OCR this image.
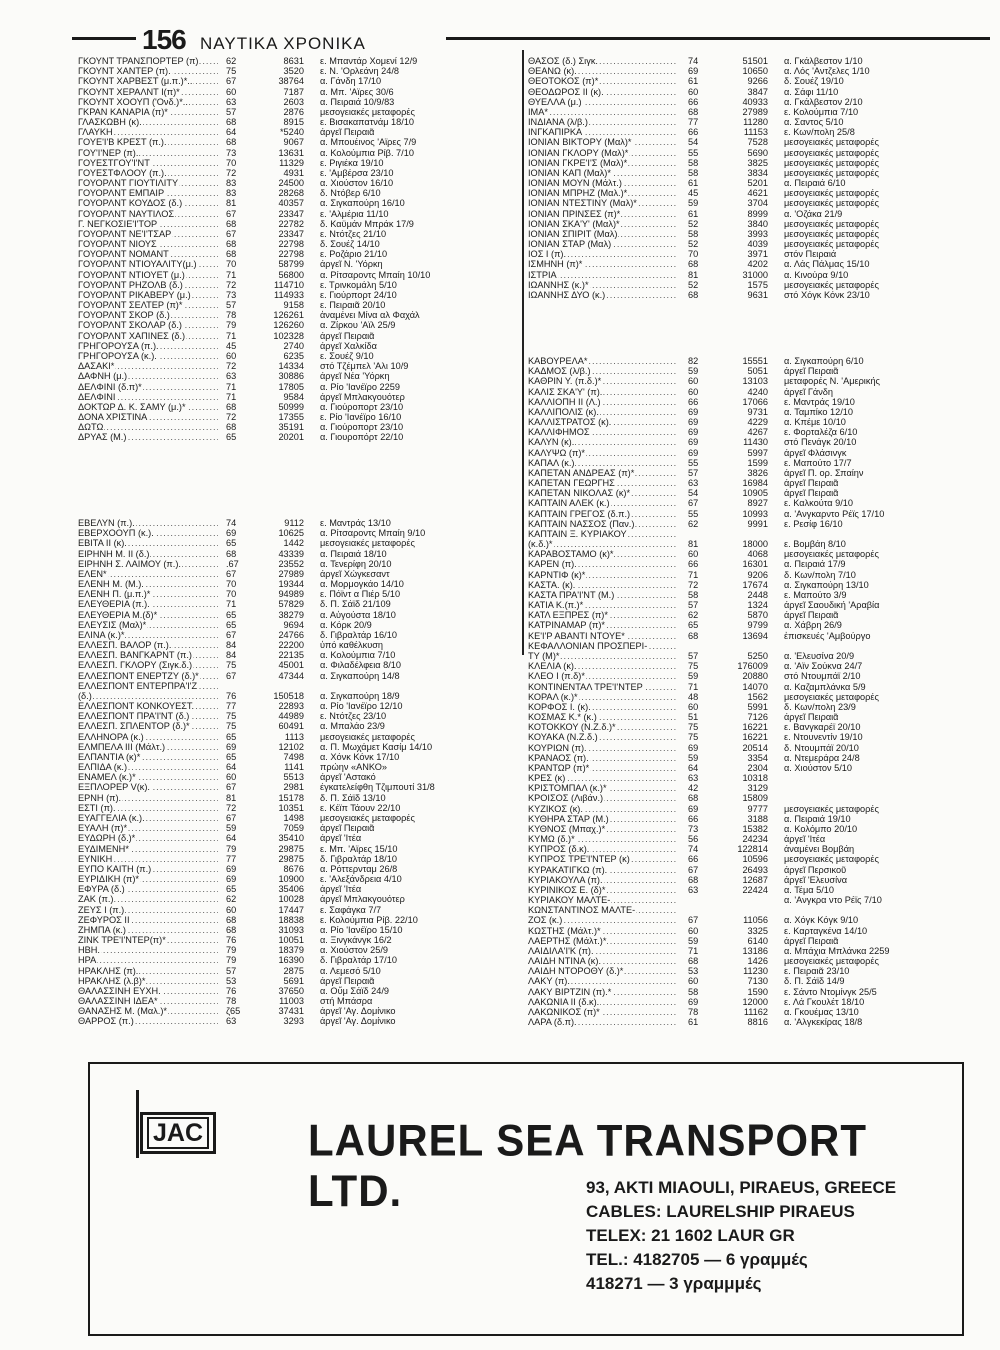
156 ΝΑΥΤΙΚΑ ΧΡΟΝΙΚΑ
ΓΚΟΥΝΤ ΤΡΑΝΣΠΟΡΤΕΡ (π) .....	62	8631	ε. Μπαντάρ Χομενί 12/9
ΓΚΟΥΝΤ ΧΑΝΤΕΡ (π). .....	75	3520	ε. Ν. 'Ορλεάνη 24/8
ΓΚΟΥΝΤ ΧΑΡΒΕΣΤ (μ.π.)*.. .....	67	38764	α. Γάνδη 17/10
ΓΚΟΥΝΤ ΧΕΡΑΛΝΤ Ι(π)* .....	60	7187	α. Μπ. 'Αϊρες 30/6
ΓΚΟΥΝΤ ΧΟΟΥΠ ('Ονδ.)*.. .....	63	2603	α. Πειραιά 10/9/83
ΓΚΡΑΝ ΚΑΝΑΡΙΑ (π)* .....	57	2876	μεσογειακές μεταφορές
ΓΛΑΣΚΩΒΗ (κ). .....	68	8915	ε. Βισακαπατνάμ 18/10
ΓΛΑΥΚΗ .....	64	*5240	άργεῖ Πειραιᾶ
ΓΟΥΕ'Ι'Β ΚΡΕΣΤ (π.). .....	68	9067	α. Μπουέινος 'Αϊρες 7/9
ΓΟΥ'Ι'ΝΕΡ (π). .....	73	13631	α. Κολούμπια Ρίβ. 7/10
ΓΟΥΕΣΤΓΟΥ'Ι'ΝΤ .....	70	11329	ε. Ριγιέκα 19/10
ΓΟΥΕΣΤΦΛΟΟΥ (π.). .....	72	4931	ε. 'Αμβέρσα 23/10
ΓΟΥΟΡΛΝΤ ΓΙΟΥΤΙΛΙΤΥ .....	83	24500	α. Χιούστον 16/10
ΓΟΥΟΡΛΝΤ ΕΜΠΑΙΡ .....	83	28268	δ. Ντόβερ 6/10
ΓΟΥΟΡΛΝΤ ΚΟΥΔΟΣ (δ.) .....	81	40357	α. Σιγκαπούρη 16/10
ΓΟΥΟΡΛΝΤ ΝΑΥΤΙΛΟΣ .....	67	23347	ε. 'Αλμέρια 11/10
Γ. ΝΕΓΚΟΣΙΕ'Ι'ΤΟΡ .....	68	22782	δ. Καϋμάν Μπράκ 17/9
ΓΟΥΟΡΛΝΤ ΝΕ'Ι'ΤΣΑΡ .....	67	23347	ε. Ντότζες 21/10
ΓΟΥΟΡΛΝΤ ΝΙΟΥΣ .....	68	22798	δ. Σουέζ 14/10
ΓΟΥΟΡΛΝΤ ΝΟΜΑΝΤ .....	68	22798	ε. Ροζάριο 21/10
ΓΟΥΟΡΛΝΤ ΝΤΙΟΥΑΛΙΤΥ(μ.) .....	70	58799	άργεῖ Ν. 'Υόρκη
ΓΟΥΟΡΛΝΤ ΝΤΙΟΥΕΤ (μ.) .....	71	56800	α. Ρίτσαροντς Μπαίη 10/10
ΓΟΥΟΡΛΝΤ ΡΗΖΟΛΒ (δ.) .....	72	114710	ε. Τρινκομάλη 5/10
ΓΟΥΟΡΛΝΤ ΡΙΚΑΒΕΡΥ (μ.) .....	73	114933	ε. Γιούρπορτ 24/10
ΓΟΥΟΡΛΝΤ ΣΕΛΤΕΡ (π)* .....	57	9158	ε. Πειραιᾶ 20/10
ΓΟΥΟΡΛΝΤ ΣΚΟΡ (δ.) .....	78	126261	ἀναμένει Μίνα αλ Φαχάλ
ΓΟΥΟΡΛΝΤ ΣΚΟΛΑΡ (δ.) .....	79	126260	α. Ζίρκου 'Αϊλ 25/9
ΓΟΥΟΡΛΝΤ ΧΑΠΙΝΕΣ (δ.) .....	71	102328	άργεῖ Πειραιᾶ
ΓΡΗΓΟΡΟΥΣΑ (π.). .....	45	2740	άργεῖ Χαλκίδα
ΓΡΗΓΟΡΟΥΣΑ (κ.). .....	60	6235	ε. Σουέζ 9/10
ΔΑΣΑΚΙ* .....	72	14334	στό Τζέμπελ 'Αλι 10/9
ΔΑΦΝΗ (μ.) .....	63	30886	άργεῖ Νέα 'Υόρκη
ΔΕΛΦΙΝΙ (δ.π)* .....	71	17805	α. Ρίο 'Ιανέϊρο 2259
ΔΕΛΦΙΝΙ .....	71	9584	άργεῖ Μπλακγουότερ
ΔΟΚΤΩΡ Δ. Κ. ΣΑΜΥ (μ.)* .....	68	50999	α. Γιούροπορτ 23/10
ΔΟΝΑ ΧΡΙΣΤΙΝΑ .....	72	17355	ε. Ρίο 'Ιανέϊρο 16/10
ΔΩΤΩ .....	68	35191	α. Γιούροπορτ 23/10
ΔΡΥΑΣ (Μ.) .....	65	20201	α. Γιουροπόρτ 22/10
ΕΒΕΛΥΝ (π.). .....	74	9112	ε. Μαντράς 13/10
ΕΒΕΡΧΟΟΥΠ (κ.). .....	69	10625	α. Ρίτσαροντς Μπαίη 9/10
ΕΒΙΤΑ ΙΙ (κ). .....	65	1442	μεσογειακές μεταφορές
ΕΙΡΗΝΗ Μ. ΙΙ (δ.) .....	68	43339	α. Πειραιά 18/10
ΕΙΡΗΝΗ Σ. ΛΑΙΜΟΥ (π.). .....	.67	23552	α. Τενερίφη 20/10
ΕΛΕΝ* .....	67	27989	άργεῖ Χώγκεσαντ
ΕΛΕΝΗ Μ. (Μ.). .....	70	19344	α. Μορμογκάο 14/10
ΕΛΕΝΗ Π. (μ.π.)* .....	70	94989	ε. Πόϊντ α Πιέρ 5/10
ΕΛΕΥΘΕΡΙΑ (π.). .....	71	57829	δ. Π. Σάϊδ 21/109
ΕΛΕΥΘΕΡΙΑ Μ.(δ)* .....	65	38279	α. Αὐγούστα 18/10
ΕΛΕΥΣΙΣ (Μαλ)* .....	65	9694	α. Κόρκ 20/9
ΕΛΙΝΑ (κ.)* .....	67	24766	δ. Γιβραλτάρ 16/10
ΕΛΛΕΣΠ. ΒΑΛΟΡ (π.). .....	84	22200	ὑπό καθέλκυση
ΕΛΛΕΣΠ. ΒΑΝΓΚΑΡΝΤ (π.) .....	84	22135	α. Κολούμπια 7/10
ΕΛΛΕΣΠ. ΓΚΛΟΡΥ (Σιγκ.δ.) .....	75	45001	α. Φιλαδέλφεια 8/10
ΕΛΛΕΣΠΟΝΤ ΕΝΕΡΤΖΥ (δ.)* .....	67	47344	α. Σιγκαπούρη 14/8
ΕΛΛΕΣΠΟΝΤ ΕΝΤΕΡΠΡΑ'Ι'Ζ .....
(δ.) .....	76	150518	α. Σιγκαπούρη 18/9
ΕΛΛΕΣΠΟΝΤ ΚΟΝΚΟΥΕΣΤ. .....	77	22893	α. Ρίο 'Ιανέϊρο 12/10
ΕΛΛΕΣΠΟΝΤ ΠΡΑ'Ι'ΝΤ (δ.) .....	75	44989	ε. Ντότζες 23/10
ΕΛΛΕΣΠ. ΣΠΛΕΝΤΟΡ (δ.)* .....	75	60491	α. Μπαλάο 23/9
ΕΛΛΗΝΟΡΑ (κ.) .....	65	1113	μεσογειακές μεταφορές
ΕΛΜΠΕΛΑ ΙΙΙ (Μάλτ.) .....	69	12102	α. Π. Μωχάμετ Κασίμ 14/10
ΕΛΠΑΝΤΙΑ (κ)* .....	65	7498	α. Χόνκ Κόνκ 17/10
ΕΛΠΙΔΑ (κ.) .....	64	1141	πρώην «ΑΝΚΟ»
ΕΝΑΜΕΛ (κ.)* .....	60	5513	άργεῖ 'Αστακό
ΕΞΠΛΟΡΕΡ V(κ). .....	67	2981	έγκατελείφθη Τζιμπουτί 31/8
ΕΡΝΗ (π). .....	81	15178	δ. Π. Σάϊδ 13/10
ΕΣΤΙ (π). .....	72	10351	ε. Κέϊπ Τάουν 22/10
ΕΥΑΓΓΕΛΙΑ (κ.). .....	67	1498	μεσογειακές μεταφορές
ΕΥΑΛΗ (π)* .....	59	7059	άργεῖ Πειραιᾶ
ΕΥΔΩΡΗ (δ.)* .....	64	35410	άργεῖ 'Ιτέα
ΕΥΔΙΜΕΝΗ* .....	79	29875	ε. Μπ. 'Αϊρες 15/10
ΕΥΝΙΚΗ .....	77	29875	δ. Γιβραλτάρ 18/10
ΕΥΠΟ ΚΑΙΤΗ (π.) .....	69	8676	α. Ρόττερνταμ 26/8
ΕΥΡΙΔΙΚΗ (π)* .....	69	10900	ε. 'Αλεξάνδρεια 4/10
ΕΦΥΡΑ (δ.) .....	65	35406	άργεῖ 'Ιτέα
ΖΑΚ (π.) .....	62	10028	άργεῖ Μπλακγουότερ
ΖΕΥΣ Ι (π.) .....	60	17447	ε. Σαφάγκα 7/7
ΖΕΦΥΡΟΣ ΙΙ .....	68	18838	ε. Κολούμπια Ρίβ. 22/10
ΖΗΜΠΑ (κ.) .....	68	31093	α. Ρίο 'Ιανέϊρο 15/10
ΖΙΝΚ ΤΡΕ'Ι'ΝΤΕΡ(π)* .....	76	10051	α. Ξινγκάνγκ 16/2
ΗΒΗ. .....	79	18379	α. Χιούστον 25/9
ΗΡΑ .....	79	16390	δ. Γιβραλτάρ 17/10
ΗΡΑΚΛΗΣ (π). .....	57	2875	α. Λεμεσό 5/10
ΗΡΑΚΛΗΣ (λ.β)* .....	53	5691	άργεῖ Πειραιᾶ
ΘΑΛΑΣΣΙΝΗ ΕΥΧΗ. .....	76	37650	α. Οὔμ Σάϊδ 24/9
ΘΑΛΑΣΣΙΝΗ ΙΔΕΑ* .....	78	11003	στή Μπάσρα
ΘΑΝΑΣΗΣ Μ. (Μαλ.)* .....	ζ65	37431	άργεῖ 'Αγ. Δομίνικο
ΘΑΡΡΟΣ (π.) .....	63	3293	άργεῖ 'Αγ. Δομίνικο
ΘΑΣΟΣ (δ.) Σιγκ. .....	74	51501	α. Γκάλβεστον 1/10
ΘΕΑΝΩ (κ). .....	69	10650	α. Λός 'Αντζελες 1/10
ΘΕΟΤΟΚΟΣ (π)* .....	61	9266	δ. Σουέζ 19/10
ΘΕΟΔΩΡΟΣ ΙΙ (κ). .....	60	3847	α. Σάφι 11/10
ΘΥΕΛΛΑ (μ.) .....	66	40933	α. Γκάλβεστον 2/10
ΙΜΑ* .....	68	27989	ε. Κολούμπια 7/10
ΙΝΔΙΑΝΑ (λ/β.) .....	77	11280	α. Σαντος 5/10
ΙΝΓΚΑΠΙΡΚΑ .....	66	11153	ε. Κων/πολη 25/8
ΙΟΝΙΑΝ ΒΙΚΤΟΡΥ (Μαλ)* .....	54	7528	μεσογειακές μεταφορές
ΙΟΝΙΑΝ ΓΚΛΟΡΥ (Μαλ)* .....	55	5690	μεσογειακές μεταφορές
ΙΟΝΙΑΝ ΓΚΡΕ'Ι'Σ (Μαλ)* .....	58	3825	μεσογειακές μεταφορές
ΙΟΝΙΑΝ ΚΑΠ (Μαλ)* .....	58	3834	μεσογειακές μεταφορές
ΙΟΝΙΑΝ ΜΟΥΝ (Μάλτ.) .....	61	5201	α. Πειραιά 6/10
ΙΟΝΙΑΝ ΜΠΡΗΖ (Μαλ.)* .....	45	4621	μεσογειακές μεταφορές
ΙΟΝΙΑΝ ΝΤΕΣΤΙΝΥ (Μαλ)* .....	59	3704	μεσογειακές μεταφορές
ΙΟΝΙΑΝ ΠΡΙΝΣΕΣ (π)* .....	61	8999	α. 'Οζάκα 21/9
ΙΟΝΙΑΝ ΣΚΑ'Υ' (Μαλ)* .....	52	3840	μεσογειακές μεταφορές
ΙΟΝΙΑΝ ΣΠΙΡΙΤ (Μαλ) .....	58	3993	μεσογειακές μεταφορές
ΙΟΝΙΑΝ ΣΤΑΡ (Μαλ) .....	52	4039	μεσογειακές μεταφορές
ΙΟΣ Ι (π). .....	70	3971	στόν Πειραιά
ΙΣΜΗΝΗ (π)* .....	68	4202	α. Λάς Πάλμας 15/10
ΙΣΤΡΙΑ .....	81	31000	α. Κινούρα 9/10
ΙΩΑΝΝΗΣ (κ.)* .....	52	1575	μεσογειακές μεταφορές
ΙΩΑΝΝΗΣ ΔΥΟ (κ.) .....	68	9631	στό Χόγκ Κόνκ 23/10
ΚΑΒΟΥΡΕΛΑ* .....	82	15551	α. Σιγκαπούρη 6/10
ΚΑΔΜΟΣ (λ/β.) .....	59	5051	άργεῖ Πειραιᾶ
ΚΑΘΡΙΝ Υ. (π.δ.)* .....	60	13103	μεταφορές Ν. 'Αμερικής
ΚΑΛΙΣ ΣΚΑ'Υ' (π). .....	60	4240	άργεῖ Γάνδη
ΚΑΛΛΙΟΠΗ ΙΙ (Λ.) .....	66	17066	ε. Μαντράς 19/10
ΚΑΛΛΙΠΟΛΙΣ (κ). .....	69	9731	α. Ταμπίκο 12/10
ΚΑΛΛΙΣΤΡΑΤΟΣ (κ). .....	69	4229	α. Κπέμε 10/10
ΚΑΛΛΙΦΗΜΟΣ .....	69	4267	ε. Φορταλέζα 6/10
ΚΑΛΥΝ (κ). .....	69	11430	στό Πενάγκ 20/10
ΚΑΛΥΨΩ (π)* .....	69	5997	άργεῖ Φλάσινγκ
ΚΑΠΑΛ (κ.) .....	55	1599	ε. Μαπούτο 17/7
ΚΑΠΕΤΑΝ ΑΝΔΡΕΑΣ (π)* .....	57	3826	άργεῖ Π. ορ. Σπαίην
ΚΑΠΕΤΑΝ ΓΕΩΡΓΗΣ .....	63	16984	άργεῖ Πειραιᾶ
ΚΑΠΕΤΑΝ ΝΙΚΟΛΑΣ (κ)* .....	54	10905	άργεῖ Πειραιᾶ
ΚΑΠΤΑΙΝ ΑΛΕΚ (κ.) .....	67	8927	ε. Καλκούτα 9/10
ΚΑΠΤΑΙΝ ΓΡΕΓΟΣ (δ.π.) .....	55	10993	α. 'Ανγκαρντο Ρέϊς 17/10
ΚΑΠΤΑΙΝ ΝΑΣΣΟΣ (Παν.) .....	62	9991	ε. Ρεσίφ 16/10
ΚΑΠΤΑΙΝ Ξ. ΚΥΡΙΑΚΟΥ .....
(κ.δ.)* .....	81	18000	ε. Βομβάη 8/10
ΚΑΡΑΒΟΣΤΑΜΟ (κ)* .....	60	4068	μεσογειακές μεταφορές
ΚΑΡΕΝ (π). .....	66	16301	α. Πειραιά 17/9
ΚΑΡΝΤΙΦ (κ)* .....	71	9206	δ. Κων/πολη 7/10
ΚΑΣΤΑ. (κ). .....	72	17674	α. Σιγκαπούρη 13/10
ΚΑΣΤΑ ΠΡΑ'Ι'ΝΤ (Μ.) .....	58	2448	ε. Μαπούτο 3/9
ΚΑΤΙΑ Κ.(π.)* .....	57	1324	άργεῖ Σαουδική 'Αραβία
ΚΑΤΛ ΕΞΠΡΕΣ (π)* .....	62	5870	άργεῖ Πειραιᾶ
ΚΑΤΡΙΝΑΜΑΡ (π)* .....	65	9799	α. Χάβρη 26/9
ΚΕ'Ι'Ρ ΑΒΑΝΤΙ ΝΤΟΥΕ* .....	68	13694	ἐπισκευές 'Αμβούργο
ΚΕΦΑΛΛΟΝΙΑΝ ΠΡΟΣΠΕΡΙ- .....
ΤΥ (Μ)* .....	57	5250	α. 'Ελευσίνα 20/9
ΚΛΕΛΙΑ (κ). .....	75	176009	α. 'Αϊν Σούκνα 24/7
ΚΛΕΟ Ι (π.δ)* .....	59	20880	στό Ντουμπάϊ 2/10
ΚΟΝΤΙΝΕΝΤΑΛ ΤΡΕ'Ι'ΝΤΕΡ .....	71	14070	α. Καζαμπλάνκα 5/9
ΚΟΡΑΛ (κ.)* .....	48	1562	μεσογειακές μεταφορές
ΚΟΡΦΟΣ Ι. (κ). .....	60	5991	δ. Κων/πολη 23/9
ΚΟΣΜΑΣ Κ.* (κ.) .....	51	7126	άργεῖ Πειραιᾶ
ΚΟΤΟΚΚΟΥ (Ν.Ζ.δ.)* .....	75	16221	ε. Βανγκαρέϊ 20/10
ΚΟΥΑΚΑ (Ν.Ζ.δ.) .....	75	16221	ε. Ντουνεντίν 19/10
ΚΟΥΡΙΩΝ (π). .....	69	20514	δ. Ντουμπάϊ 20/10
ΚΡΑΝΑΟΣ (π). .....	59	3354	α. Ντεμεράρα 24/8
ΚΡΑΝΤΩΡ (π)* .....	64	2304	α. Χιούστον 5/10
ΚΡΕΣ (κ) .....	63	10318
ΚΡΙΣΤΟΜΠΑΛ (κ.)* .....	42	3129
ΚΡΟΙΣΟΣ (Λιβάν.) .....	68	15809
ΚΥΖΙΚΟΣ (κ). .....	69	9777	μεσογειακές μεταφορές
ΚΥΘΗΡΑ ΣΤΑΡ (Μ.) .....	66	3188	α. Πειραιά 19/10
ΚΥΘΝΟΣ (Μπαχ.)* .....	73	15382	α. Κολόμπο 20/10
ΚΥΜΩ (δ.)* .....	56	24234	άργεῖ 'Ιτέα
ΚΥΠΡΟΣ (δ.κ). .....	74	122814	άναμένει Βομβάη
ΚΥΠΡΟΣ ΤΡΕ'Ι'ΝΤΕΡ (κ) .....	66	10596	μεσογειακές μεταφορές
ΚΥΡΑΚΑΤΙΓΚΩ (π). .....	67	26493	άργεῖ Περσικοῦ
ΚΥΡΙΑΚΟΥΛΑ (π). .....	68	12687	άργεῖ 'Ελευσίνα
ΚΥΡΙΝΙΚΟΣ Ε. (δ)* .....	63	22424	α. Τέμα 5/10
ΚΥΡΙΑΚΟΥ ΜΑΛΤΕ- .....	α. 'Ανγκρα ντο Ρέϊς 7/10
ΚΩΝΣΤΑΝΤΙΝΟΣ ΜΑΛΤΕ- .....
ΖΟΣ (κ.) .....	67	11056	α. Χόγκ Κόγκ 9/10
ΚΩΣΤΗΣ (Μάλτ.)* .....	60	3325	ε. Καρταγκένα 14/10
ΛΑΕΡΤΗΣ (Μάλτ.)* .....	59	6140	άργεῖ Πειραιᾶ
ΛΑΙΔΙΛΑ'Ι'Κ (π). .....	71	13186	α. Μπάχια Μπλάνκα 2259
ΛΑΙΔΗ ΝΤΙΝΑ (κ). .....	68	1426	μεσογειακές μεταφορές
ΛΑΙΔΗ ΝΤΟΡΟΘΥ (δ.)* .....	53	11230	ε. Πειραιᾶ 23/10
ΛΑΚΥ (π). .....	60	7130	δ. Π. Σάϊδ 14/9
ΛΑΚΥ ΒΙΡΤΖΙΝ (π).* .....	58	1590	ε. Σάντο Ντομίνγκ 25/5
ΛΑΚΩΝΙΑ ΙΙ (δ.κ). .....	69	12000	ε. Λά Γκουλέτ 18/10
ΛΑΚΩΝΙΚΟΣ (π)* .....	78	11162	α. Γκουέμας 13/10
ΛΑΡΑ (δ.π). .....	61	8816	α. 'Αλγκεκίρας 18/8
JAC	LAUREL SEA TRANSPORT LTD.	93, AKTI MIAOULI, PIRAEUS, GREECE
CABLES: LAURELSHIP PIRAEUS
TELEX: 21 1602 LAUR GR
TEL.: 4182705 — 6 γραμμές
418271 — 3 γραμμμές
